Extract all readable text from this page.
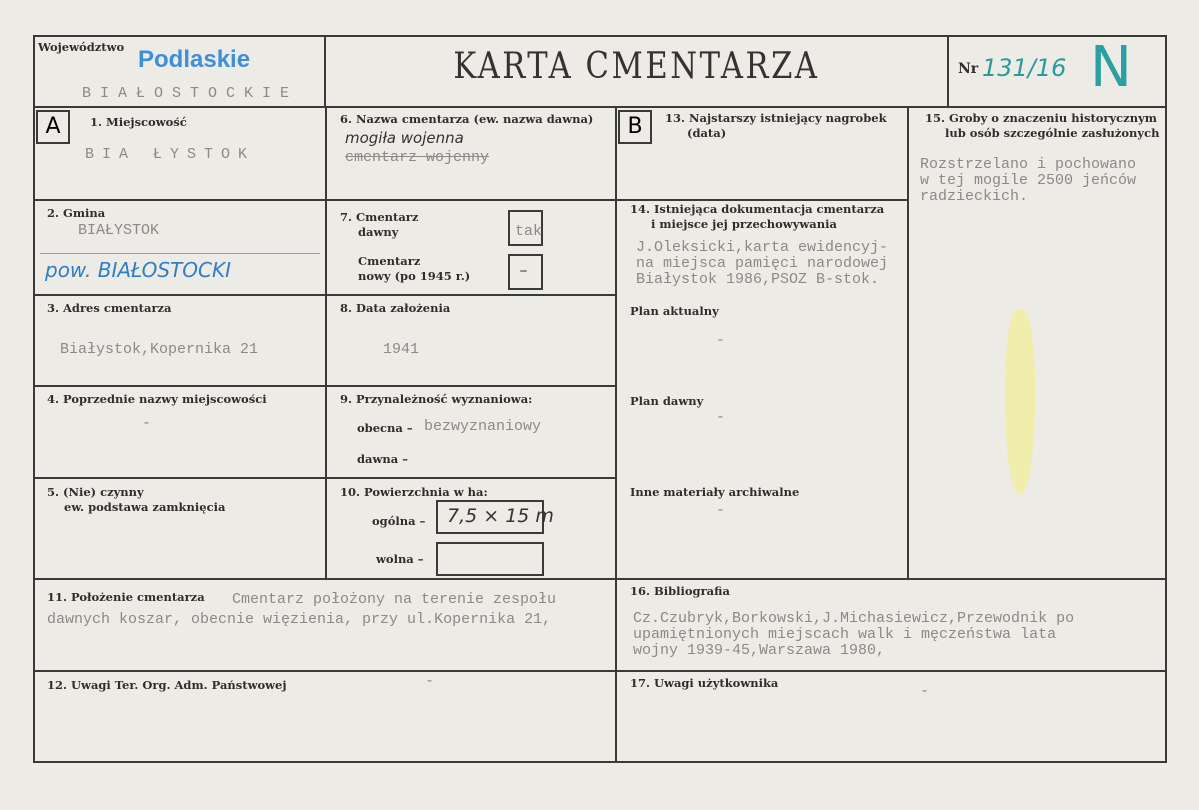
Województwo Podlaskie
BIAŁOSTOCKIE
KARTA CMENTARZA	Nr 131/16 N
A	1. Miejscowość
BIA ŁYSTOK
2. Gmina
BIAŁYSTOK
pow. BIAŁOSTOCKI
3. Adres cmentarza
Białystok,Kopernika 21
4. Poprzednie nazwy miejscowości
-
5. (Nie) czynny
ew. podstawa zamknięcia
6. Nazwa cmentarza (ew. nazwa dawna)
mogiła wojenna
cmentarz wojenny
7. Cmentarz
dawny	tak
Cmentarz
nowy (po 1945 r.)	–
8. Data założenia
1941
9. Przynależność wyznaniowa:
obecna – bezwyznaniowy
dawna –
10. Powierzchnia w ha:
ogólna – 7,5 × 15 m
wolna –
B	13. Najstarszy istniejący nagrobek
(data)
14. Istniejąca dokumentacja cmentarza
i miejsce jej przechowywania
J.Oleksicki,karta ewidencyj-
na miejsca pamięci narodowej
Białystok 1986,PSOZ B-stok.
Plan aktualny
-
Plan dawny
-
Inne materiały archiwalne
-
15. Groby o znaczeniu historycznym
lub osób szczególnie zasłużonych
Rozstrzelano i pochowano
w tej mogile 2500 jeńców
radzieckich.
11. Położenie cmentarza Cmentarz położony na terenie zespołu
dawnych koszar, obecnie więzienia, przy ul.Kopernika 21,
16. Bibliografia
Cz.Czubryk,Borkowski,J.Michasiewicz,Przewodnik po
upamiętnionych miejscach walk i męczeństwa lata
wojny 1939-45,Warszawa 1980,
12. Uwagi Ter. Org. Adm. Państwowej	-	17. Uwagi użytkownika	-
